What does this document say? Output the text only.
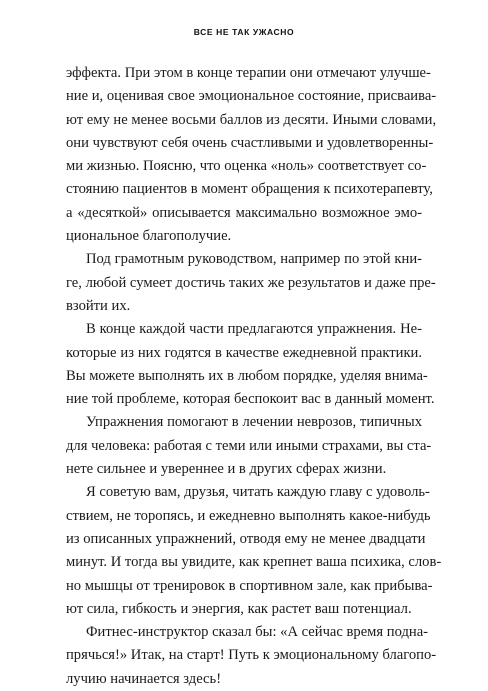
ВСЕ НЕ ТАК УЖАСНО
эффекта. При этом в конце терапии они отмечают улучше-
ние и, оценивая свое эмоциональное состояние, присваива-
ют ему не менее восьми баллов из десяти. Иными словами,
они чувствуют себя очень счастливыми и удовлетворенны-
ми жизнью. Поясню, что оценка «ноль» соответствует со-
стоянию пациентов в момент обращения к психотерапевту,
а «десяткой» описывается максимально возможное эмо-
циональное благополучие.
Под грамотным руководством, например по этой кни-
ге, любой сумеет достичь таких же результатов и даже пре-
взойти их.
В конце каждой части предлагаются упражнения. Не-
которые из них годятся в качестве ежедневной практики.
Вы можете выполнять их в любом порядке, уделяя внима-
ние той проблеме, которая беспокоит вас в данный момент.
Упражнения помогают в лечении неврозов, типичных
для человека: работая с теми или иными страхами, вы ста-
нете сильнее и увереннее и в других сферах жизни.
Я советую вам, друзья, читать каждую главу с удоволь-
ствием, не торопясь, и ежедневно выполнять какое-нибудь
из описанных упражнений, отводя ему не менее двадцати
минут. И тогда вы увидите, как крепнет ваша психика, слов-
но мышцы от тренировок в спортивном зале, как прибыва-
ют сила, гибкость и энергия, как растет ваш потенциал.
Фитнес-инструктор сказал бы: «А сейчас время подна-
прячься!» Итак, на старт! Путь к эмоциональному благопо-
лучию начинается здесь!
